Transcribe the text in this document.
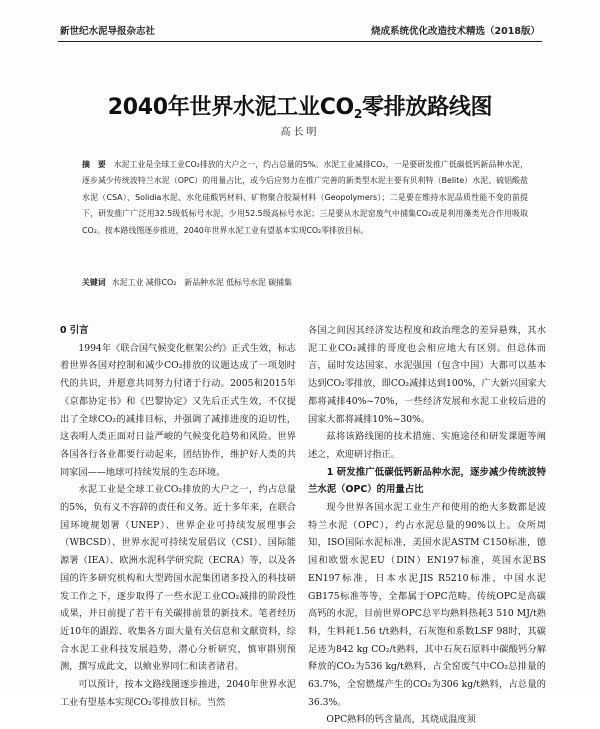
新世纪水泥导报杂志社	烧成系统优化改造技术精选（2018版）
2040年世界水泥工业$CO_2$零排放路线图
高长明
摘　要 水泥工业是全球工业CO₂排放的大户之一，约占总量的5%。水泥工业减排CO₂，一是要研发推广低碳低钙新品种水泥，逐步减少传统波特兰水泥（OPC）的用量占比，或今后应努力在推广完善的新类型水泥主要有贝利特（Belite）水泥、硫铝酸盐水泥（CSA）、Solidia水泥、水化硅酸钙材料、矿物聚合胶凝材料（Geopolymers）；二是要在维持水泥品质性能不变的前提下，研发推广广泛用32.5级低标号水泥，少用52.5级高标号水泥；三是要从水泥窑废气中捕集CO₂或是利用藻类光合作用吸取CO₂。按本路线图逐步推进，2040年世界水泥工业有望基本实现CO₂零排放目标。
关键词 水泥工业 减排CO₂　新品种水泥 低标号水泥 碳捕集

0 引言

1994年《联合国气候变化框架公约》正式生效，标志着世界各国对控制和减少CO₂排放的议题达成了一项划时代的共识，并愿意共同努力付诸于行动。2005和2015年《京都协定书》和《巴黎协定》又先后正式生效，不仅提出了全球CO₂的减排目标，并强调了减排进度的迫切性，这表明人类正面对日益严峻的气候变化趋势和风险。世界各国各行各业都要行动起来，团结协作，维护好人类的共同家园——地球可持续发展的生态环境。

水泥工业是全球工业CO₂排放的大户之一，约占总量的5%，负有义不容辞的责任和义务。近十多年来，在联合国环境规划署（UNEP）、世界企业可持续发展理事会（WBCSD）、世界水泥可持续发展倡议（CSI）、国际能源署（IEA）、欧洲水泥科学研究院（ECRA）等，以及各国的许多研究机构和大型跨国水泥集团诸多投入的科技研发工作之下，逐步取得了一些水泥工业CO₂减排的阶段性成果，并日前提了若干有关碳排前景的新技术。笔者经历近10年的跟踪、收集各方面大量有关信息和文献资料，综合水泥工业科技发展趋势，潜心分析研究，慎审斟别预测，撰写成此文，以飨业界同仁和读者诸君。

可以预计，按本文路线图逐步推进，2040年世界水泥工业有望基本实现CO₂零排放目标。当然

各国之间因其经济发达程度和政治理念的差异悬殊，其水泥工业CO₂减排的哥度也会相应地大有区别。但总体而言，届时发达国家、水泥强国（包含中国）大都可以基本达到CO₂零排放，即CO₂减排达到100%，广大新兴国家大都将减排40%~70%，一些经济发展和水泥工业较后进的国家大都将减排10%~30%。

兹将该路线图的技术措施、实施途径和研发课题等阐述之，欢迎研讨指正。

1 研发推广低碳低钙新品种水泥，逐步减少传统波特兰水泥（OPC）的用量占比

现今世界各国水泥工业生产和使用的绝大多数都是波特兰水泥（OPC），约占水泥总量的90%以上。众所周知，ISO国际水泥标准，美国水泥ASTM C150标准，德国和欧盟水泥EU（DIN）EN197标准，英国水泥BS EN197标准，日本水泥JIS R5210标准，中国水泥GB175标准等等，全都属于OPC范畴。传统OPC是高碳高钙的水泥，目前世界OPC总平均熟料热耗3 510 MJ/t熟料，生料耗1.56 t/t熟料，石灰饱和系数LSF 98时，其碳足迹为842 kg CO₂/t熟料，其中石灰石原料中碳酸钙分解释放的CO₂为536 kg/t熟料，占全窑废气中CO₂总排量的63.7%，全窑燃煤产生的CO₂为306 kg/t熟料，占总量的36.3%。

OPC熟料的钙含量高，其烧成温度须
